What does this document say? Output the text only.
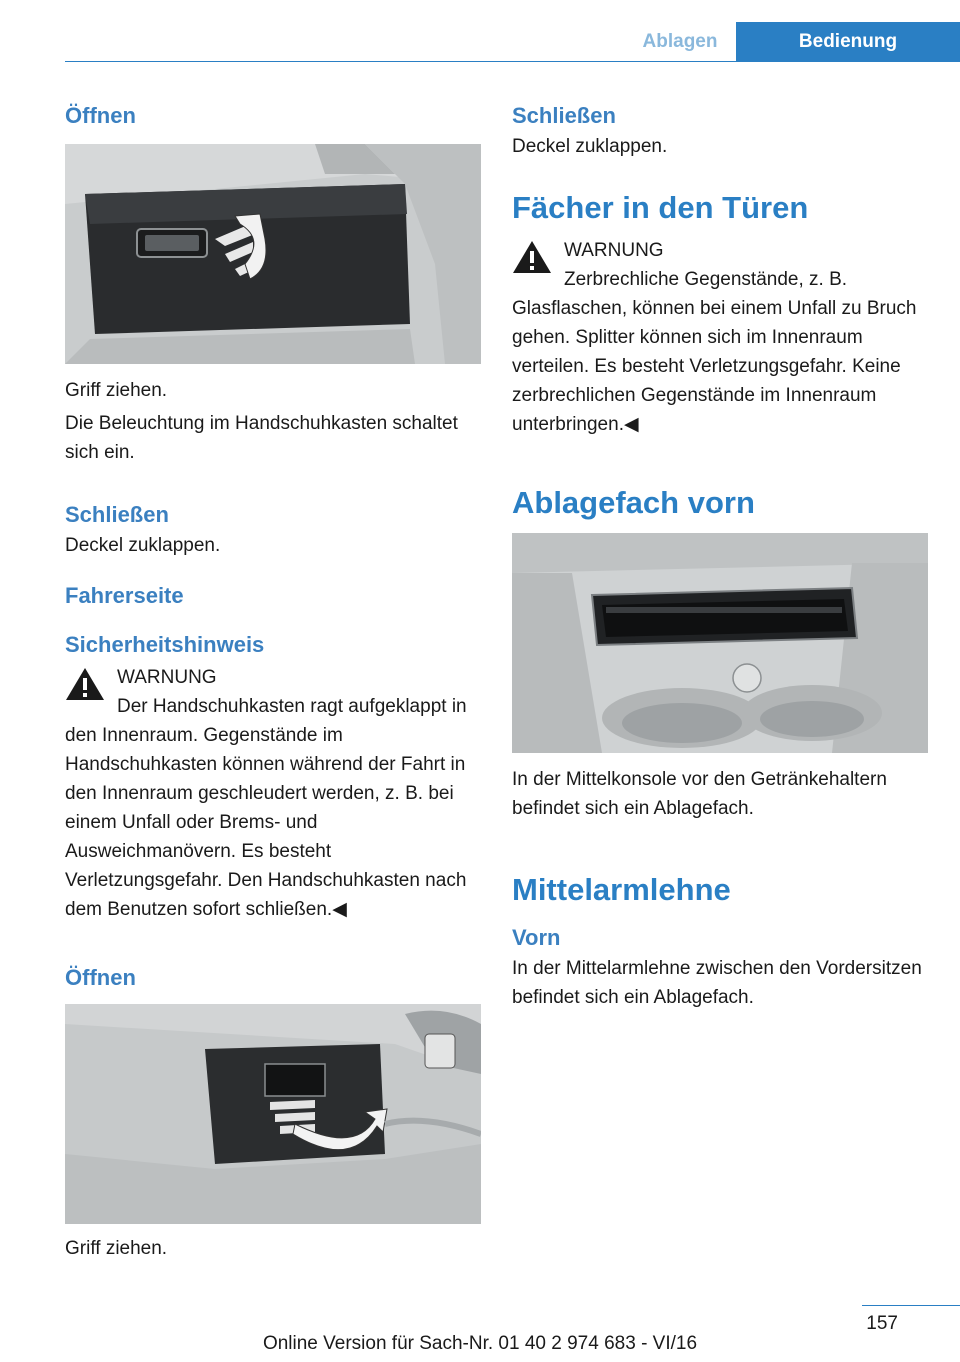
Ablagen	Bedienung
Öffnen

Griff ziehen.

Die Beleuchtung im Handschuhkasten schaltet sich ein.

Schließen

Deckel zuklappen.

Fahrerseite
Sicherheitshinweis
WARNUNG

Der Handschuhkasten ragt aufgeklappt in den Innenraum. Gegenstände im Handschuhkasten können während der Fahrt in den Innenraum geschleudert werden, z. B. bei einem Unfall oder Brems- und Ausweichmanövern. Es besteht Verletzungsgefahr. Den Handschuhkasten nach dem Benutzen sofort schließen.◀

Öffnen

Griff ziehen.

Schließen

Deckel zuklappen.

Fächer in den Türen
WARNUNG

Zerbrechliche Gegenstände, z. B. Glasflaschen, können bei einem Unfall zu Bruch gehen. Splitter können sich im Innenraum verteilen. Es besteht Verletzungsgefahr. Keine zerbrechlichen Gegenstände im Innenraum unterbringen.◀

Ablagefach vorn

In der Mittelkonsole vor den Getränkehaltern befindet sich ein Ablagefach.

Mittelarmlehne
Vorn

In der Mittelarmlehne zwischen den Vordersitzen befindet sich ein Ablagefach.

157
Online Version für Sach-Nr. 01 40 2 974 683 - VI/16
